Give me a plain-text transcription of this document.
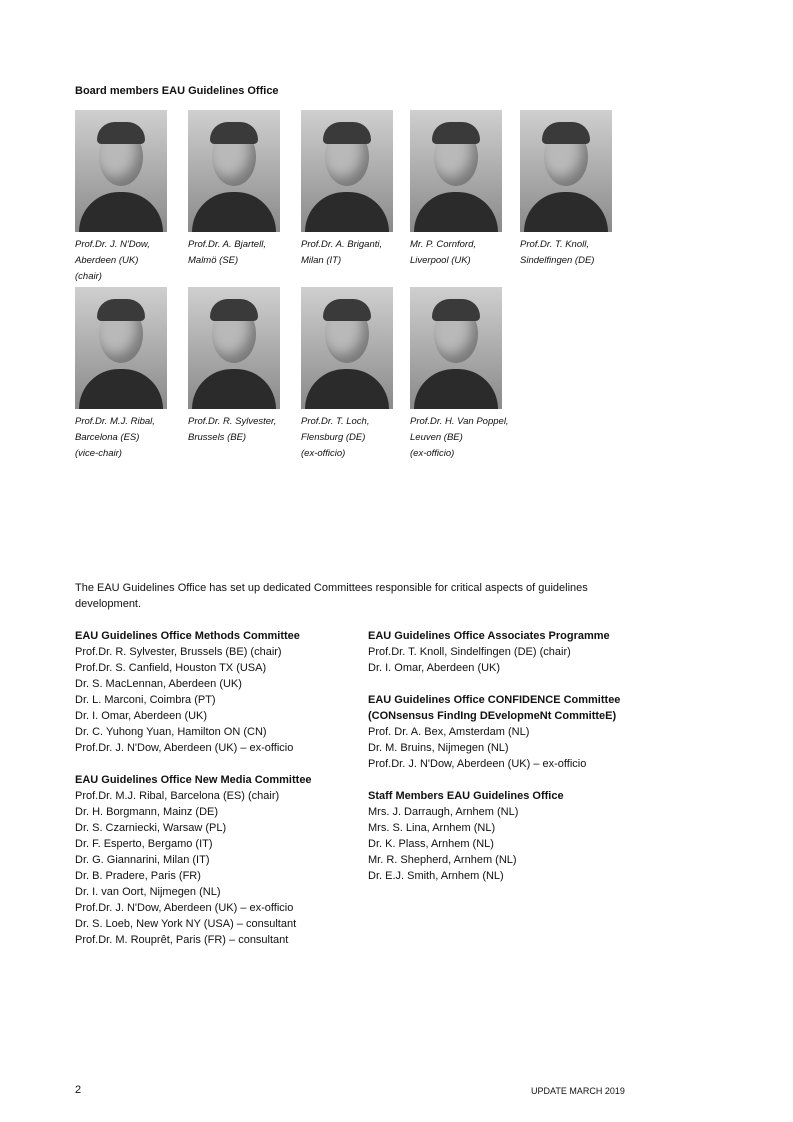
Board members EAU Guidelines Office
Prof.Dr. J. N'Dow,
Aberdeen (UK)
(chair)
Prof.Dr. A. Bjartell,
Malmö (SE)
Prof.Dr. A. Briganti,
Milan (IT)
Mr. P. Cornford,
Liverpool (UK)
Prof.Dr. T. Knoll,
Sindelfingen (DE)
Prof.Dr. M.J. Ribal,
Barcelona (ES)
(vice-chair)
Prof.Dr. R. Sylvester,
Brussels (BE)
Prof.Dr. T. Loch,
Flensburg (DE)
(ex-officio)
Prof.Dr. H. Van Poppel,
Leuven (BE)
(ex-officio)
The EAU Guidelines Office has set up dedicated Committees responsible for critical aspects of guidelines
development.
EAU Guidelines Office Methods Committee
Prof.Dr. R. Sylvester, Brussels (BE) (chair)
Prof.Dr. S. Canfield, Houston TX (USA)
Dr. S. MacLennan, Aberdeen (UK)
Dr. L. Marconi, Coimbra (PT)
Dr. I. Omar, Aberdeen (UK)
Dr. C. Yuhong Yuan, Hamilton ON (CN)
Prof.Dr. J. N'Dow, Aberdeen (UK) – ex-officio
EAU Guidelines Office New Media Committee
Prof.Dr. M.J. Ribal, Barcelona (ES) (chair)
Dr. H. Borgmann, Mainz (DE)
Dr. S. Czarniecki, Warsaw (PL)
Dr. F. Esperto, Bergamo (IT)
Dr. G. Giannarini, Milan (IT)
Dr. B. Pradere, Paris (FR)
Dr. I. van Oort, Nijmegen (NL)
Prof.Dr. J. N'Dow, Aberdeen (UK) – ex-officio
Dr. S. Loeb, New York NY (USA) – consultant
Prof.Dr. M. Rouprêt, Paris (FR) – consultant
EAU Guidelines Office Associates Programme
Prof.Dr. T. Knoll, Sindelfingen (DE) (chair)
Dr. I. Omar, Aberdeen (UK)
EAU Guidelines Office CONFIDENCE Committee
(CONsensus FindIng DEvelopmeNt CommitteE)
Prof. Dr. A. Bex, Amsterdam (NL)
Dr. M. Bruins, Nijmegen (NL)
Prof.Dr. J. N'Dow, Aberdeen (UK) – ex-officio
Staff Members EAU Guidelines Office
Mrs. J. Darraugh, Arnhem (NL)
Mrs. S. Lina, Arnhem (NL)
Dr. K. Plass, Arnhem (NL)
Mr. R. Shepherd, Arnhem (NL)
Dr. E.J. Smith, Arnhem (NL)
2	UPDATE MARCH 2019
